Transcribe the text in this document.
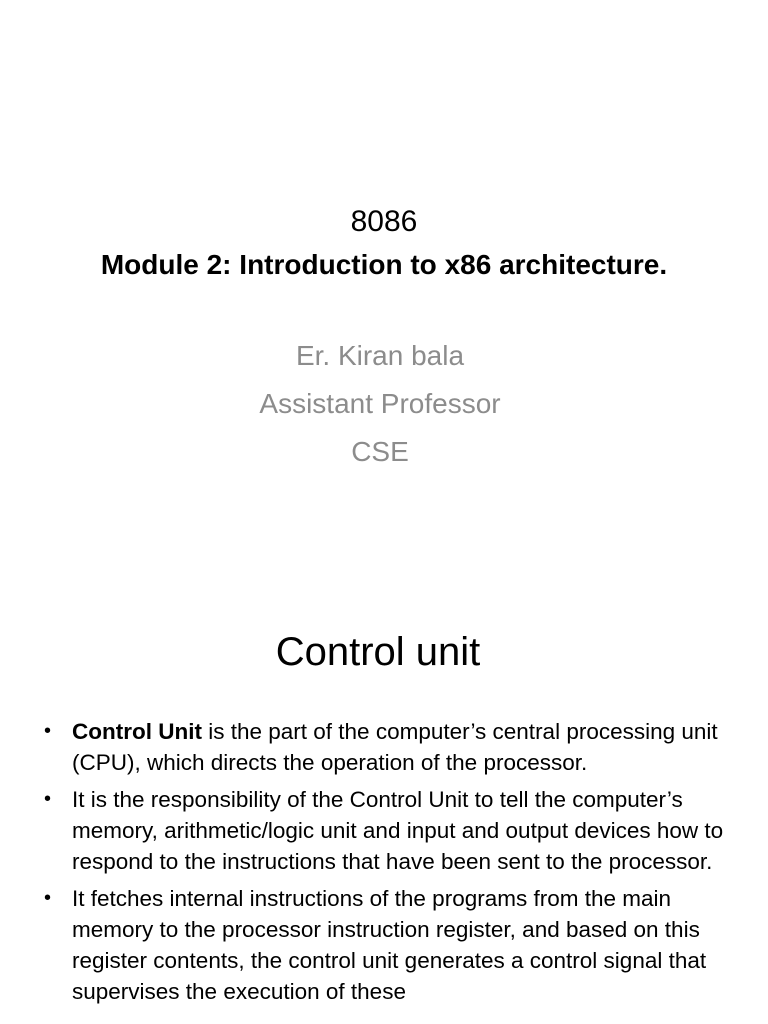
8086
Module 2: Introduction to x86 architecture.
Er. Kiran bala
Assistant Professor
CSE
Control unit
• Control Unit is the part of the computer’s central processing unit (CPU), which directs the operation of the processor.
• It is the responsibility of the Control Unit to tell the computer’s memory, arithmetic/logic unit and input and output devices how to respond to the instructions that have been sent to the processor.
• It fetches internal instructions of the programs from the main memory to the processor instruction register, and based on this register contents, the control unit generates a control signal that supervises the execution of these
